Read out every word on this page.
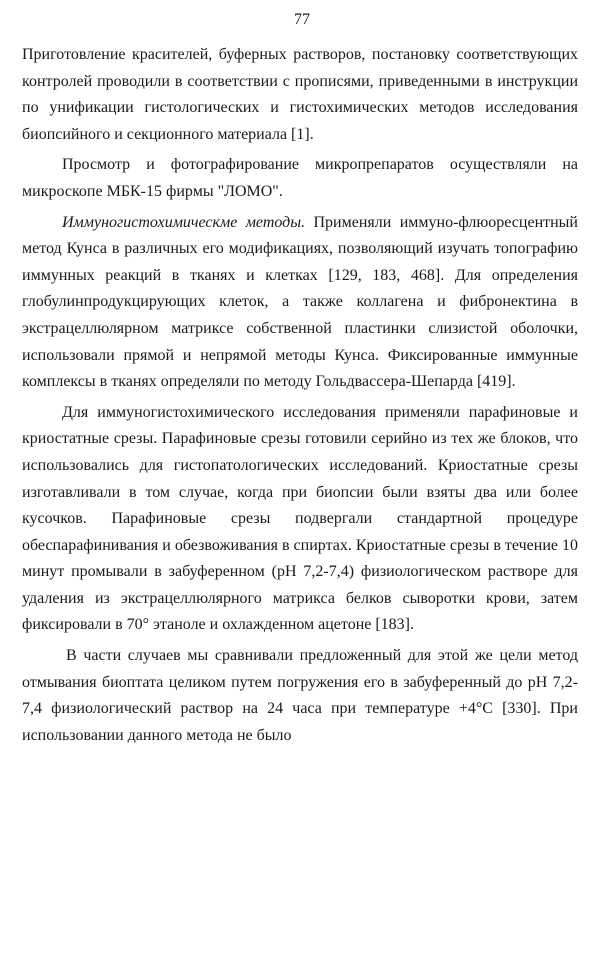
77

Приготовление красителей, буферных растворов, постановку соответствующих контролей проводили в соответствии с прописями, приведенными в инструкции по унификации гистологических и гистохимических методов исследования биопсийного и секционного материала [1].

Просмотр и фотографирование микропрепаратов осуществляли на микроскопе МБК-15 фирмы "ЛОМО".

Иммуногистохимическме методы. Применяли иммуно-флюоресцентный метод Кунса в различных его модификациях, позволяющий изучать топографию иммунных реакций в тканях и клетках [129, 183, 468]. Для определения глобулинпродукцирующих клеток, а также коллагена и фибронектина в экстрацеллюлярном матриксе собственной пластинки слизистой оболочки, использовали прямой и непрямой методы Кунса. Фиксированные иммунные комплексы в тканях определяли по методу Гольдвассера-Шепарда [419].

Для иммуногистохимического исследования применяли парафиновые и криостатные срезы. Парафиновые срезы готовили серийно из тех же блоков, что использовались для гистопатологических исследований. Криостатные срезы изготавливали в том случае, когда при биопсии были взяты два или более кусочков. Парафиновые срезы подвергали стандартной процедуре обеспарафинивания и обезвоживания в спиртах. Криостатные срезы в течение 10 минут промывали в забуференном (рН 7,2-7,4) физиологическом растворе для удаления из экстрацеллюлярного матрикса белков сыворотки крови, затем фиксировали в 70° этаноле и охлажденном ацетоне [183].

В части случаев мы сравнивали предложенный для этой же цели метод отмывания биоптата целиком путем погружения его в забуференный до рН 7,2-7,4 физиологический раствор на 24 часа при температуре +4°С [330]. При использовании данного метода не было
